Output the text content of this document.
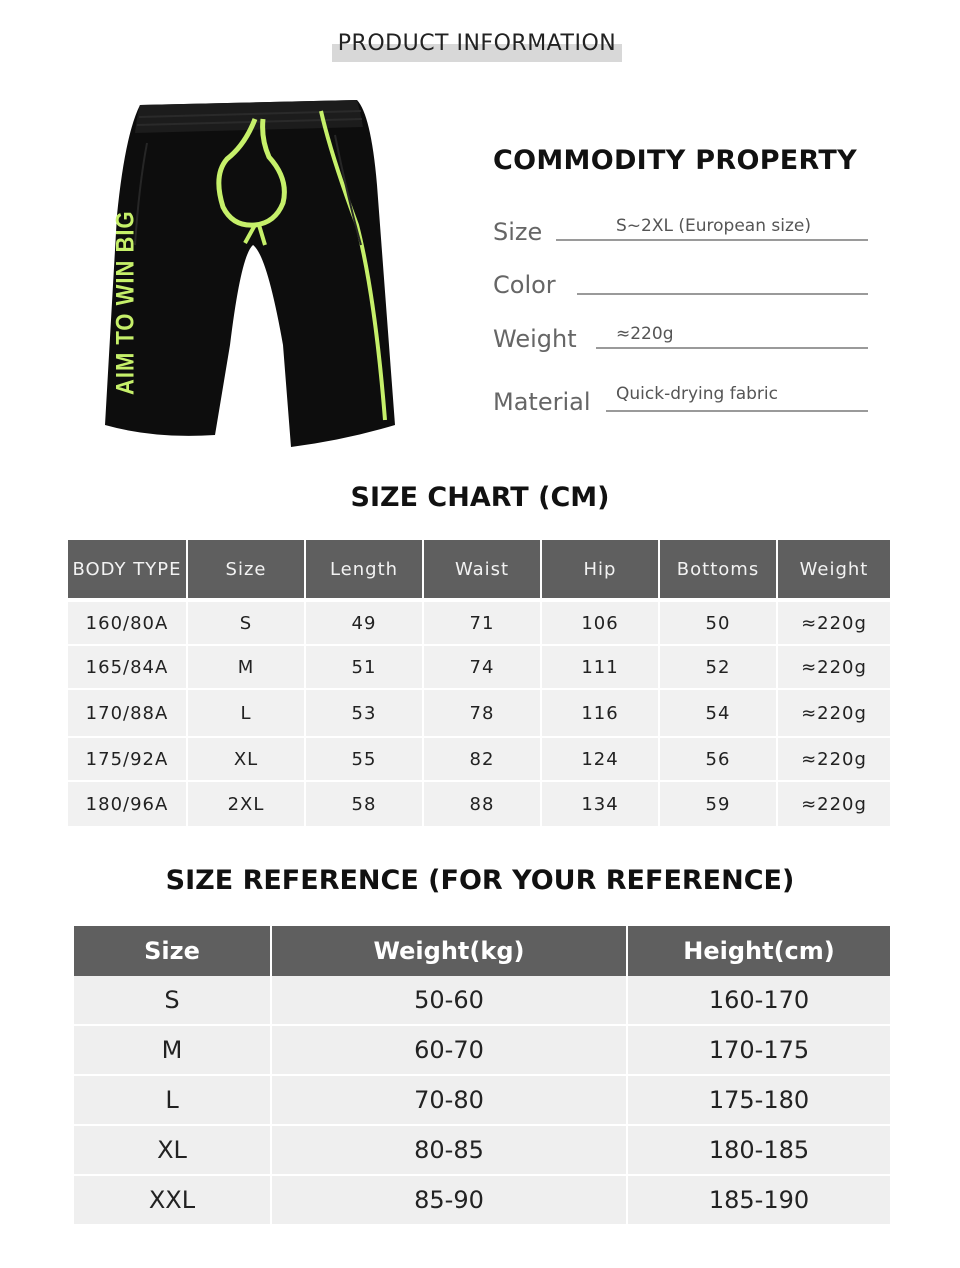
PRODUCT INFORMATION
AIM TO WIN BIG
COMMODITY PROPERTY
Size	S~2XL (European size)
Color
Weight ≈220g
Material Quick-drying fabric
SIZE CHART (CM)
BODY TYPE	Size	Length	Waist	Hip	Bottoms	Weight
160/80A	S	49	71	106	50	≈220g
165/84A	M	51	74	111	52	≈220g
170/88A	L	53	78	116	54	≈220g
175/92A	XL	55	82	124	56	≈220g
180/96A	2XL	58	88	134	59	≈220g
SIZE REFERENCE (FOR YOUR REFERENCE)
Size	Weight(kg)	Height(cm)
S	50-60	160-170
M	60-70	170-175
L	70-80	175-180
XL	80-85	180-185
XXL	85-90	185-190
